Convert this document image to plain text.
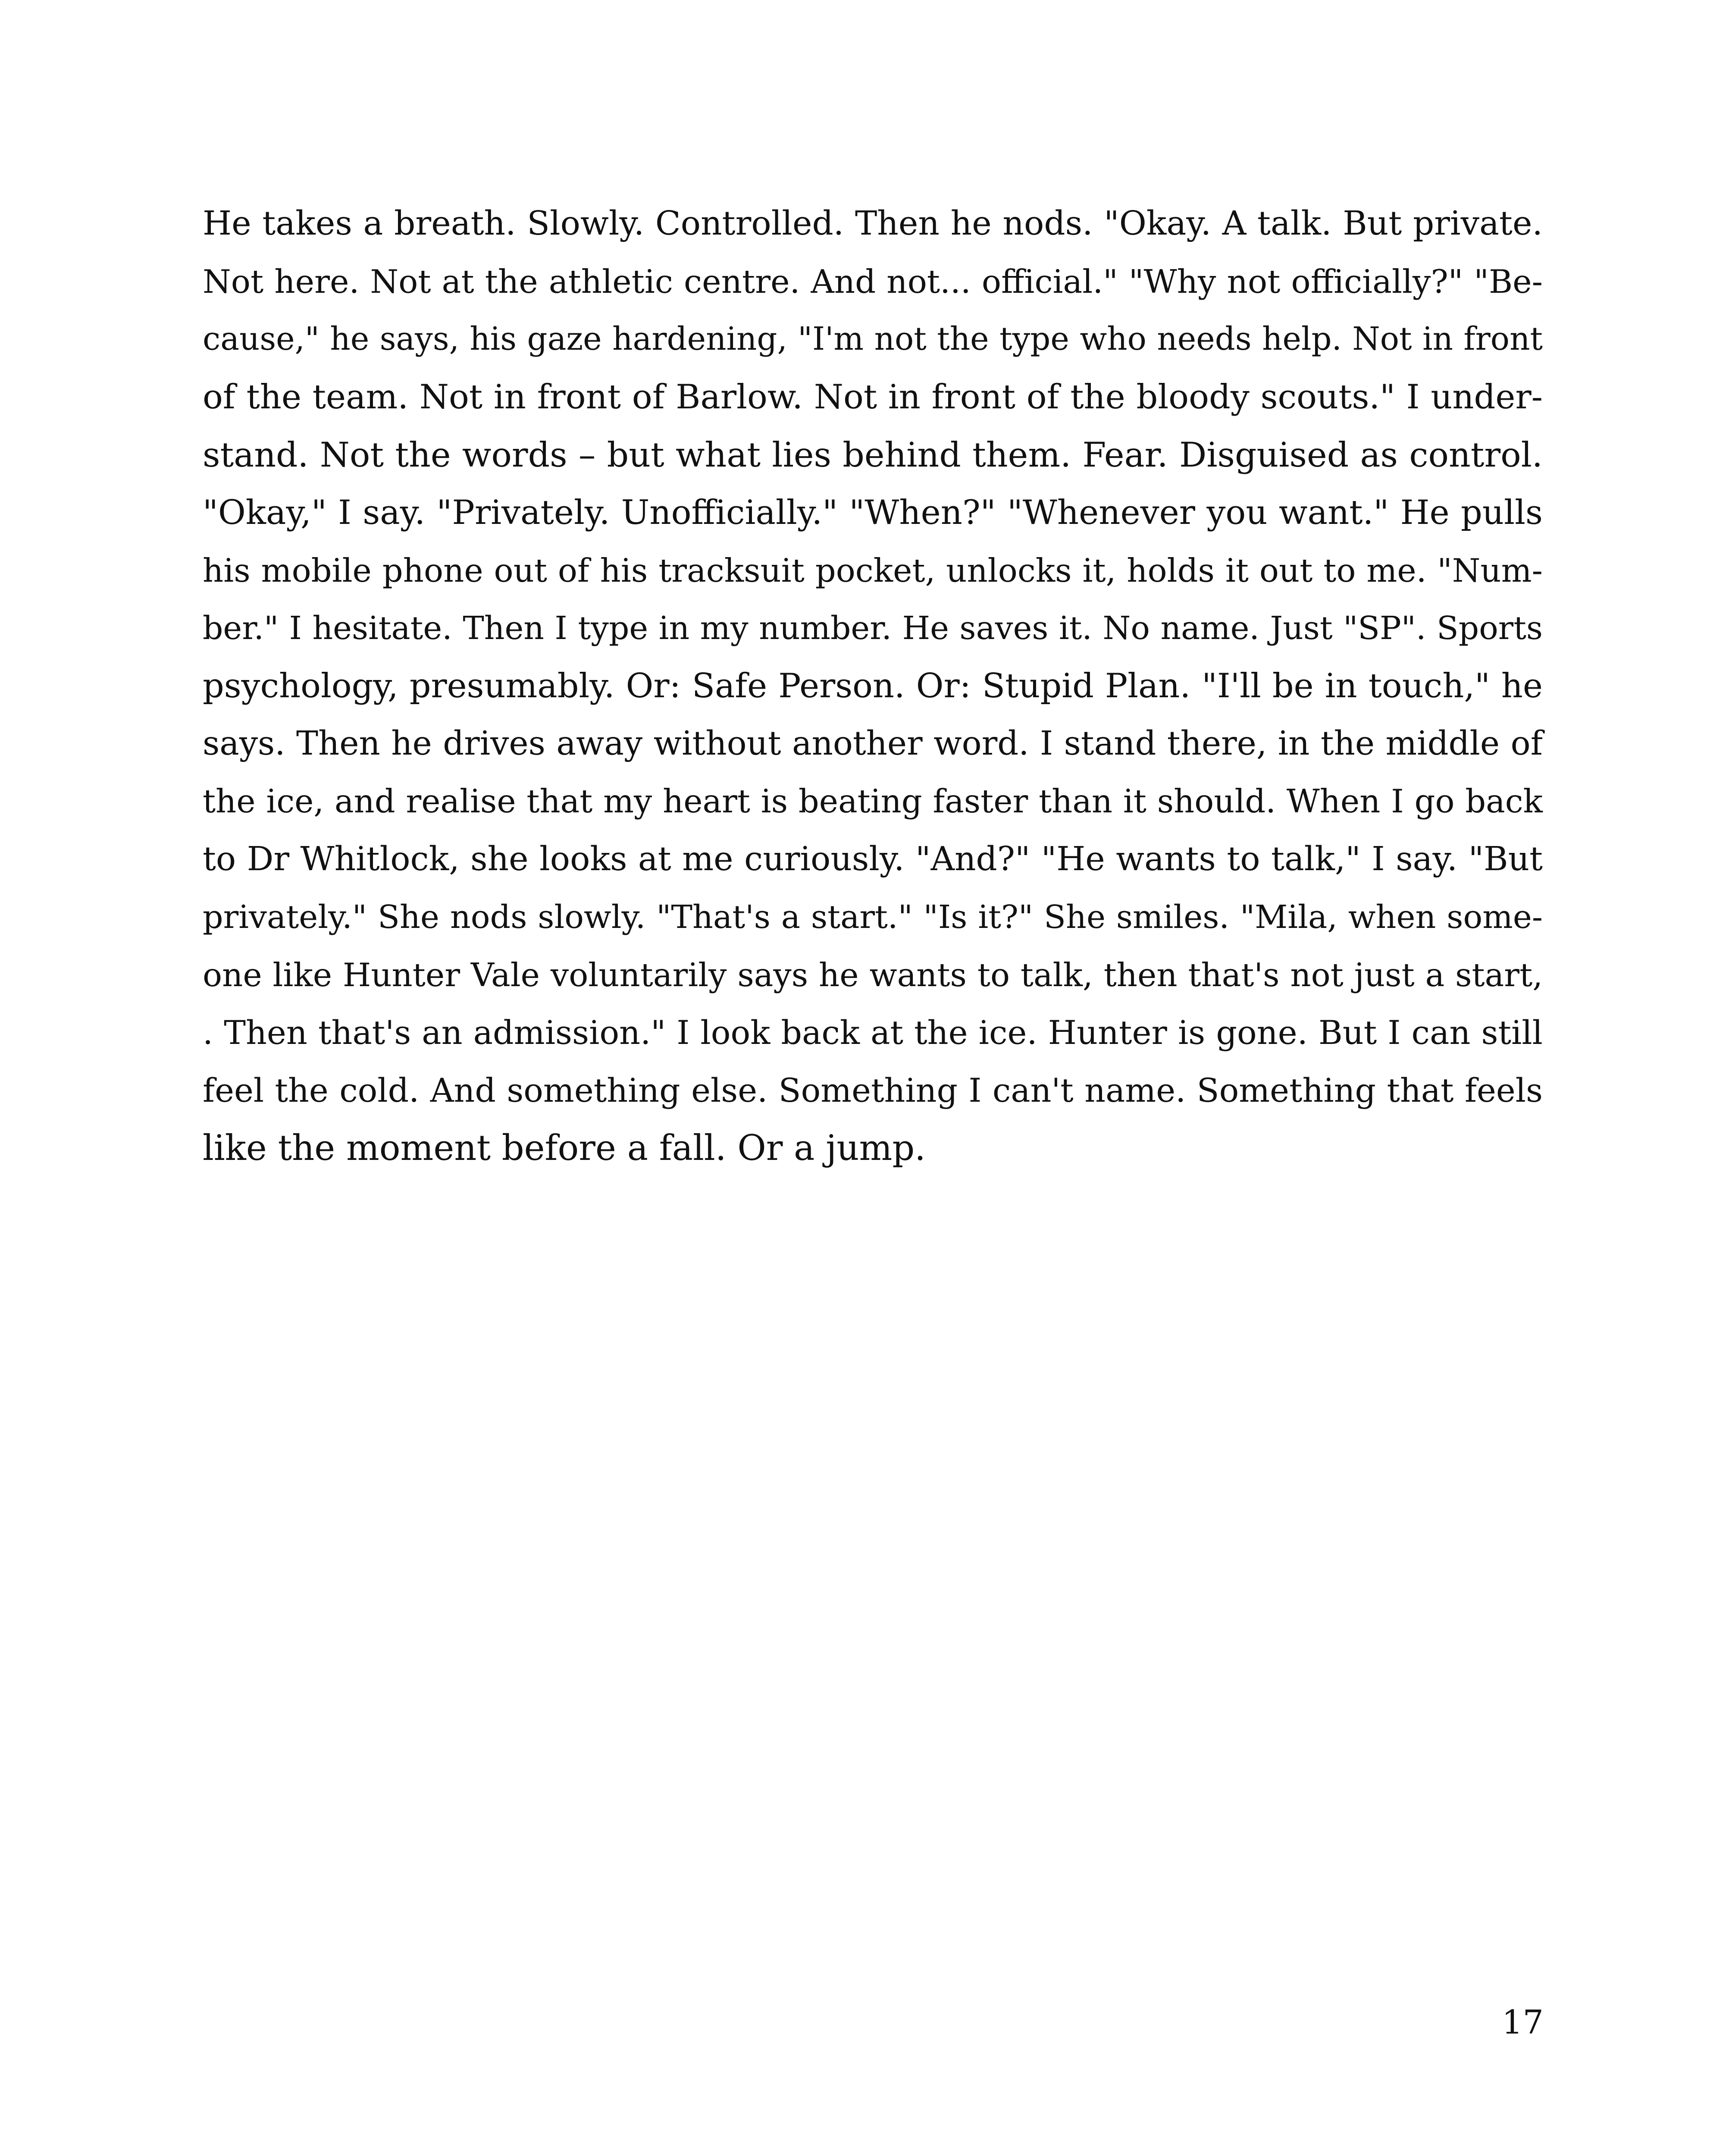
He takes a breath. Slowly. Controlled. Then he nods. "Okay. A talk. But private.
Not here. Not at the athletic centre. And not... official." "Why not officially?" "Be-
cause," he says, his gaze hardening, "I'm not the type who needs help. Not in front
of the team. Not in front of Barlow. Not in front of the bloody scouts." I under-
stand. Not the words – but what lies behind them. Fear. Disguised as control.
"Okay," I say. "Privately. Unofficially." "When?" "Whenever you want." He pulls
his mobile phone out of his tracksuit pocket, unlocks it, holds it out to me. "Num-
ber." I hesitate. Then I type in my number. He saves it. No name. Just "SP". Sports
psychology, presumably. Or: Safe Person. Or: Stupid Plan. "I'll be in touch," he
says. Then he drives away without another word. I stand there, in the middle of
the ice, and realise that my heart is beating faster than it should. When I go back
to Dr Whitlock, she looks at me curiously. "And?" "He wants to talk," I say. "But
privately." She nods slowly. "That's a start." "Is it?" She smiles. "Mila, when some-
one like Hunter Vale voluntarily says he wants to talk, then that's not just a start,
. Then that's an admission." I look back at the ice. Hunter is gone. But I can still
feel the cold. And something else. Something I can't name. Something that feels
like the moment before a fall. Or a jump.
17
